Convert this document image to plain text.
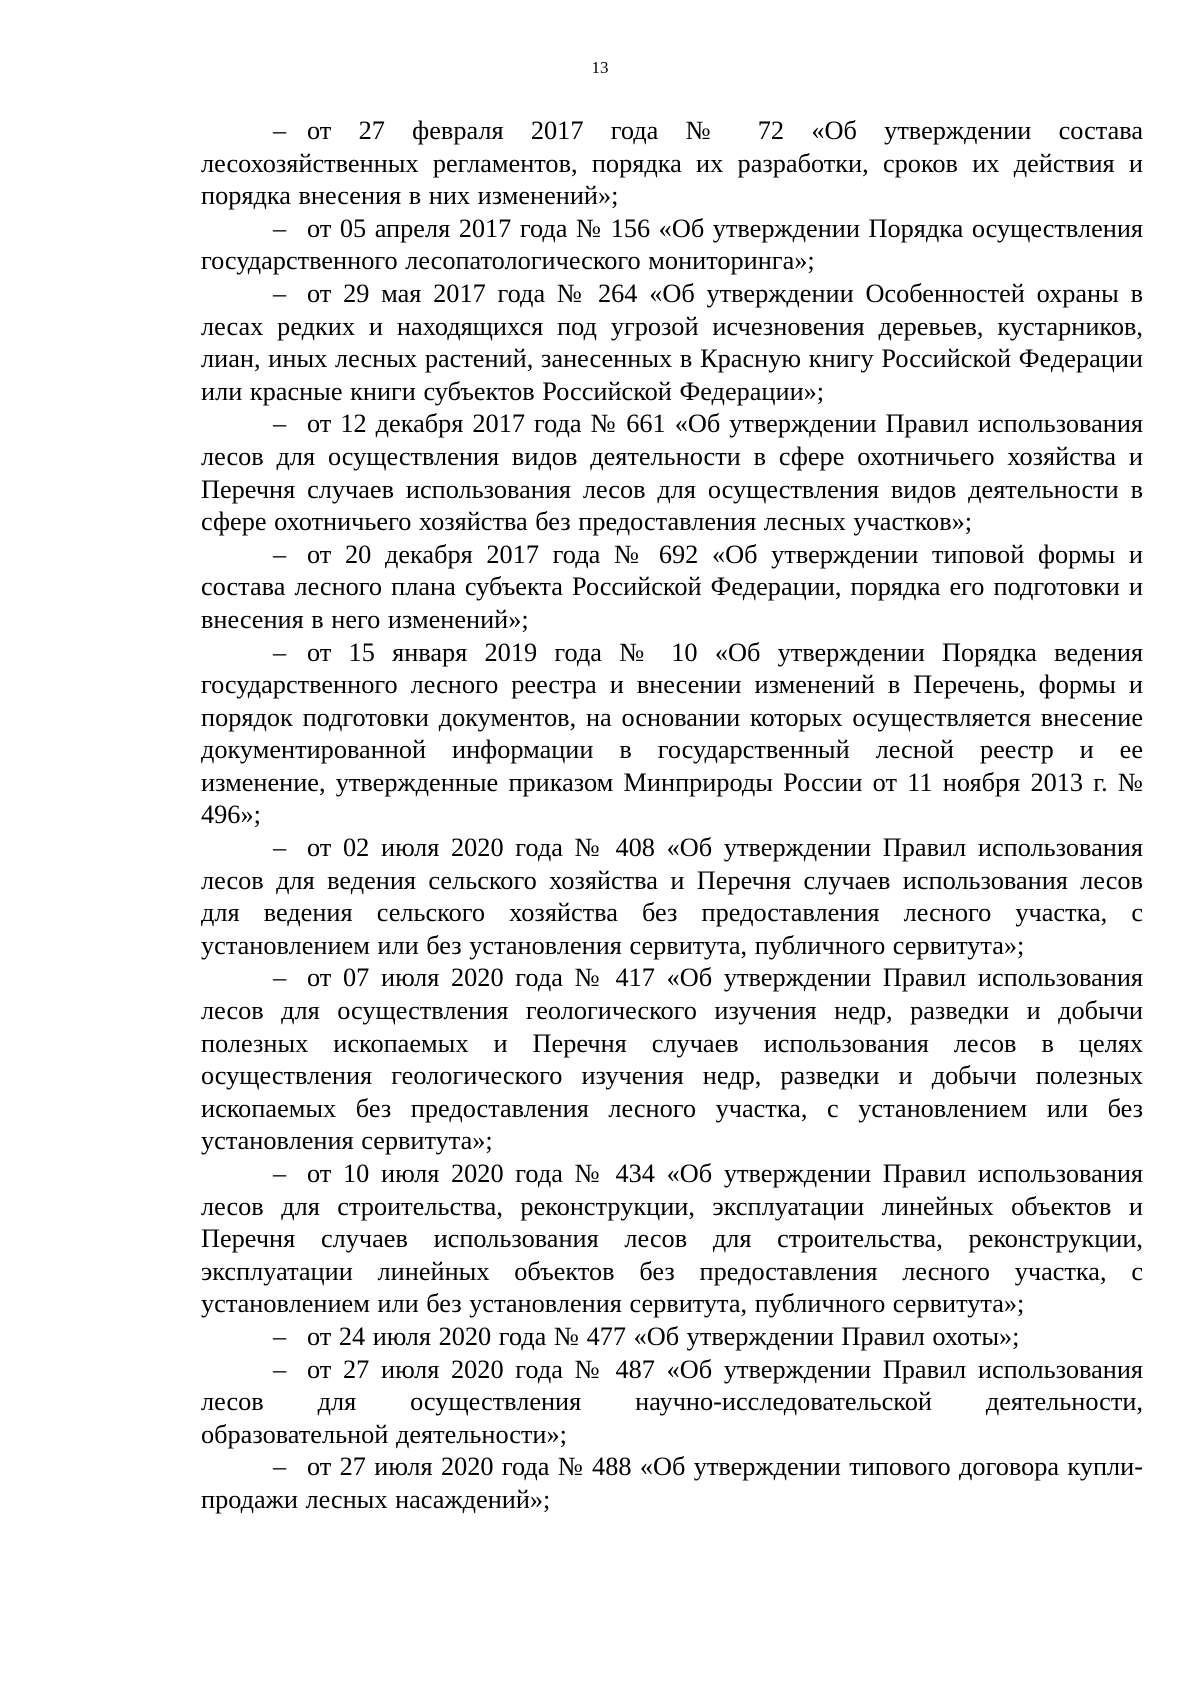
13

– от 27 февраля 2017 года № 72 «Об утверждении состава лесохозяйственных регламентов, порядка их разработки, сроков их действия и порядка внесения в них изменений»;

– от 05 апреля 2017 года № 156 «Об утверждении Порядка осуществления государственного лесопатологического мониторинга»;

– от 29 мая 2017 года № 264 «Об утверждении Особенностей охраны в лесах редких и находящихся под угрозой исчезновения деревьев, кустарников, лиан, иных лесных растений, занесенных в Красную книгу Российской Федерации или красные книги субъектов Российской Федерации»;

– от 12 декабря 2017 года № 661 «Об утверждении Правил использования лесов для осуществления видов деятельности в сфере охотничьего хозяйства и Перечня случаев использования лесов для осуществления видов деятельности в сфере охотничьего хозяйства без предоставления лесных участков»;

– от 20 декабря 2017 года № 692 «Об утверждении типовой формы и состава лесного плана субъекта Российской Федерации, порядка его подготовки и внесения в него изменений»;

– от 15 января 2019 года № 10 «Об утверждении Порядка ведения государственного лесного реестра и внесении изменений в Перечень, формы и порядок подготовки документов, на основании которых осуществляется внесение документированной информации в государственный лесной реестр и ее изменение, утвержденные приказом Минприроды России от 11 ноября 2013 г. № 496»;

– от 02 июля 2020 года № 408 «Об утверждении Правил использования лесов для ведения сельского хозяйства и Перечня случаев использования лесов для ведения сельского хозяйства без предоставления лесного участка, с установлением или без установления сервитута, публичного сервитута»;

– от 07 июля 2020 года № 417 «Об утверждении Правил использования лесов для осуществления геологического изучения недр, разведки и добычи полезных ископаемых и Перечня случаев использования лесов в целях осуществления геологического изучения недр, разведки и добычи полезных ископаемых без предоставления лесного участка, с установлением или без установления сервитута»;

– от 10 июля 2020 года № 434 «Об утверждении Правил использования лесов для строительства, реконструкции, эксплуатации линейных объектов и Перечня случаев использования лесов для строительства, реконструкции, эксплуатации линейных объектов без предоставления лесного участка, с установлением или без установления сервитута, публичного сервитута»;

– от 24 июля 2020 года № 477 «Об утверждении Правил охоты»;

– от 27 июля 2020 года № 487 «Об утверждении Правил использования лесов для осуществления научно-исследовательской деятельности, образовательной деятельности»;

– от 27 июля 2020 года № 488 «Об утверждении типового договора купли-продажи лесных насаждений»;
